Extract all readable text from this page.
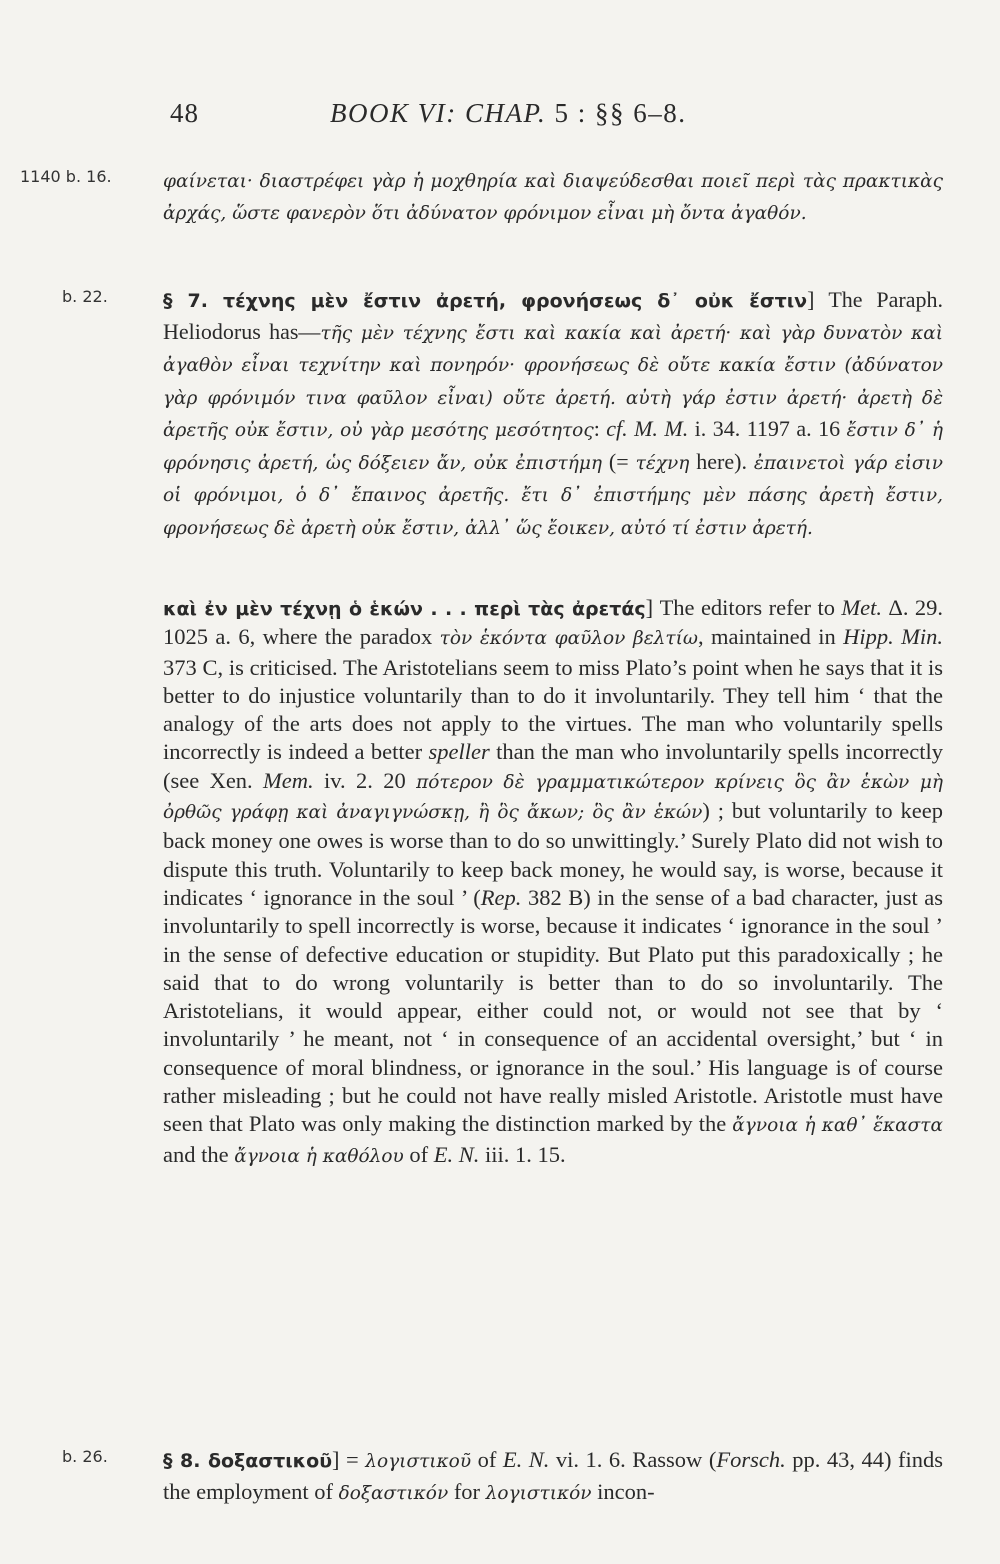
48	BOOK VI: CHAP. 5 : §§ 6–8.
1140 b. 16.	φαίνεται· διαστρέφει γὰρ ἡ μοχθηρία καὶ διαψεύδεσθαι ποιεῖ περὶ τὰς πρακτικὰς ἀρχάς, ὥστε φανερὸν ὅτι ἀδύνατον φρόνιμον εἶναι μὴ ὄντα ἀγαθόν.
b. 22.	§ 7. τέχνης μὲν ἔστιν ἀρετή, φρονήσεως δ᾽ οὐκ ἔστιν] The Paraph. Heliodorus has—τῆς μὲν τέχνης ἔστι καὶ κακία καὶ ἀρετή· καὶ γὰρ δυνατὸν καὶ ἀγαθὸν εἶναι τεχνίτην καὶ πονηρόν· φρονήσεως δὲ οὔτε κακία ἔστιν (ἀδύνατον γὰρ φρόνιμόν τινα φαῦλον εἶναι) οὔτε ἀρετή. αὐτὴ γάρ ἐστιν ἀρετή· ἀρετὴ δὲ ἀρετῆς οὐκ ἔστιν, οὐ γὰρ μεσότης μεσότητος: cf. M. M. i. 34. 1197 a. 16 ἔστιν δ᾽ ἡ φρόνησις ἀρετή, ὡς δόξειεν ἄν, οὐκ ἐπιστήμη (= τέχνη here). ἐπαινετοὶ γάρ εἰσιν οἱ φρόνιμοι, ὁ δ᾽ ἔπαινος ἀρετῆς. ἔτι δ᾽ ἐπιστήμης μὲν πάσης ἀρετὴ ἔστιν, φρονήσεως δὲ ἀρετὴ οὐκ ἔστιν, ἀλλ᾽ ὥς ἔοικεν, αὐτό τί ἐστιν ἀρετή.
καὶ ἐν μὲν τέχνῃ ὁ ἑκών . . . περὶ τὰς ἀρετάς] The editors refer to Met. Δ. 29. 1025 a. 6, where the paradox τὸν ἑκόντα φαῦλον βελτίω, maintained in Hipp. Min. 373 C, is criticised. The Aristotelians seem to miss Plato’s point when he says that it is better to do injustice voluntarily than to do it involuntarily. They tell him ‘ that the analogy of the arts does not apply to the virtues. The man who voluntarily spells incorrectly is indeed a better speller than the man who involuntarily spells incorrectly (see Xen. Mem. iv. 2. 20 πότερον δὲ γραμματικώτερον κρίνεις ὃς ἂν ἑκὼν μὴ ὀρθῶς γράφῃ καὶ ἀναγιγνώσκῃ, ἢ ὃς ἄκων; ὃς ἂν ἑκών) ; but voluntarily to keep back money one owes is worse than to do so unwittingly.’ Surely Plato did not wish to dispute this truth. Voluntarily to keep back money, he would say, is worse, because it indicates ‘ ignorance in the soul ’ (Rep. 382 B) in the sense of a bad character, just as involuntarily to spell incorrectly is worse, because it indicates ‘ ignorance in the soul ’ in the sense of defective education or stupidity. But Plato put this paradoxically ; he said that to do wrong voluntarily is better than to do so involuntarily. The Aristotelians, it would appear, either could not, or would not see that by ‘ involuntarily ’ he meant, not ‘ in consequence of an accidental oversight,’ but ‘ in consequence of moral blindness, or ignorance in the soul.’ His language is of course rather misleading ; but he could not have really misled Aristotle. Aristotle must have seen that Plato was only making the distinction marked by the ἄγνοια ἡ καθ᾽ ἕκαστα and the ἄγνοια ἡ καθόλου of E. N. iii. 1. 15.
b. 26.	§ 8. δοξαστικοῦ] = λογιστικοῦ of E. N. vi. 1. 6. Rassow (Forsch. pp. 43, 44) finds the employment of δοξαστικόν for λογιστικόν incon-
